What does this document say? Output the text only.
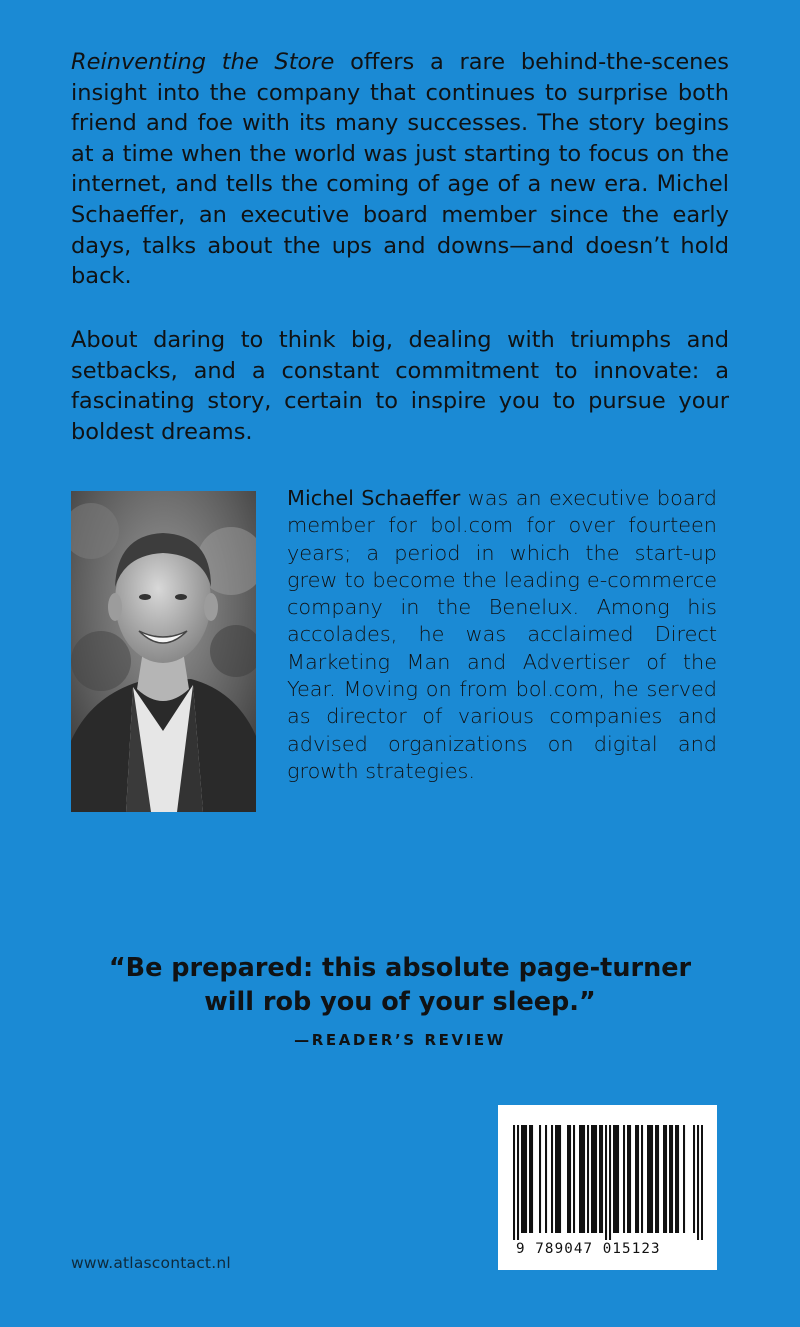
Reinventing the Store offers a rare behind-the-scenes insight into the company that continues to surprise both friend and foe with its many successes. The story begins at a time when the world was just starting to focus on the internet, and tells the coming of age of a new era. Michel Schaeffer, an executive board member since the early days, talks about the ups and downs—and doesn’t hold back.

About daring to think big, dealing with triumphs and setbacks, and a constant commitment to innovate: a fascinating story, certain to inspire you to pursue your boldest dreams.

Michel Schaeffer was an executive board member for bol.com for over fourteen years; a period in which the start-up grew to become the leading e-commerce company in the Benelux. Among his accolades, he was acclaimed Direct Marketing Man and Advertiser of the Year. Moving on from bol.com, he served as director of various companies and advised organizations on digital and growth strategies.

“Be prepared: this absolute page-turner
will rob you of your sleep.”
—READER’S REVIEW
www.atlascontact.nl
9 789047 015123
